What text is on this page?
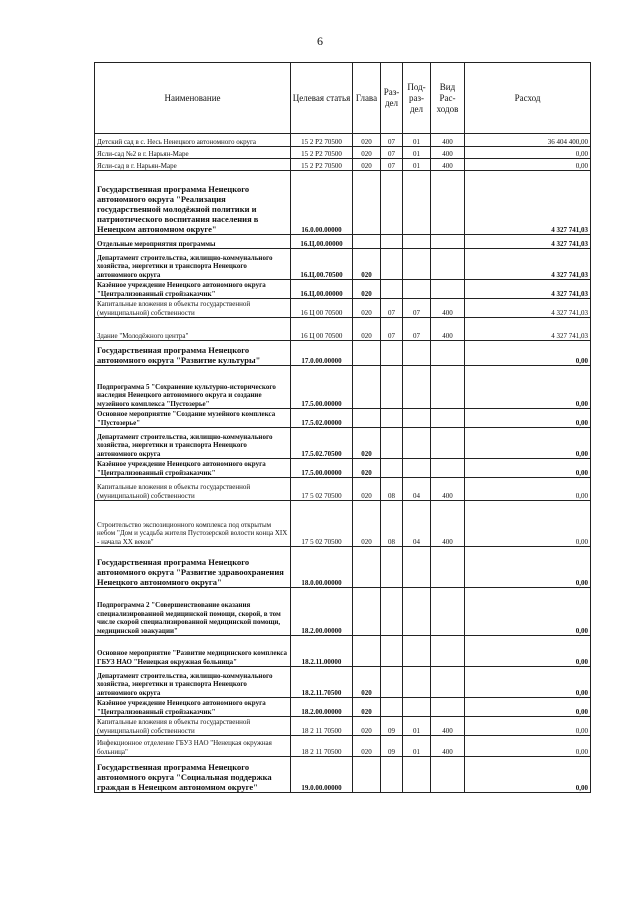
6
Наименование	Целевая статья	Глава	Раз- дел	Под- раз- дел	Вид Рас- ходов	Расход
Детский сад в с. Несь Ненецкого автономного округа	15 2 Р2 70500	020	07	01	400	36 404 400,00
Ясли-сад №2 в г. Нарьян-Маре	15 2 Р2 70500	020	07	01	400	0,00
Ясли-сад в г. Нарьян-Маре	15 2 Р2 70500	020	07	01	400	0,00
Государственная программа Ненецкого автономного округа "Реализация государственной молодёжной политики и патриотического воспитания населения в Ненецком автономном округе"	16.0.00.00000					4 327 741,03
Отдельные мероприятия программы	16.Ц.00.00000					4 327 741,03
Департамент строительства, жилищно-коммунального хозяйства, энергетики и транспорта Ненецкого автономного округа	16.Ц.00.70500	020				4 327 741,03
Казённое учреждение Ненецкого автономного округа "Централизованный стройзаказчик"	16.Ц.00.00000	020				4 327 741,03
Капитальные вложения в объекты государственной (муниципальной) собственности	16 Ц 00 70500	020	07	07	400	4 327 741,03
Здание "Молодёжного центра"	16 Ц 00 70500	020	07	07	400	4 327 741,03
Государственная программа Ненецкого автономного округа "Развитие культуры"	17.0.00.00000					0,00
Подпрограмма 5 "Сохранение культурно-исторического наследия Ненецкого автономного округа и создание музейного комплекса "Пустозерье"	17.5.00.00000					0,00
Основное мероприятие "Создание музейного комплекса "Пустозерье"	17.5.02.00000					0,00
Департамент строительства, жилищно-коммунального хозяйства, энергетики и транспорта Ненецкого автономного округа	17.5.02.70500	020				0,00
Казённое учреждение Ненецкого автономного округа "Централизованный стройзаказчик"	17.5.00.00000	020				0,00
Капитальные вложения в объекты государственной (муниципальной) собственности	17 5 02 70500	020	08	04	400	0,00
Строительство экспозиционного комплекса под открытым небом "Дом и усадьба жителя Пустозерской волости конца XIX - начала XX веков"	17 5 02 70500	020	08	04	400	0,00
Государственная программа Ненецкого автономного округа "Развитие здравоохранения Ненецкого автономного округа"	18.0.00.00000					0,00
Подпрограмма 2 "Совершенствование оказания специализированной медицинской помощи, скорой, в том числе скорой специализированной медицинской помощи, медицинской эвакуации"	18.2.00.00000					0,00
Основное мероприятие "Развитие медицинского комплекса ГБУЗ НАО "Ненецкая окружная больница"	18.2.11.00000					0,00
Департамент строительства, жилищно-коммунального хозяйства, энергетики и транспорта Ненецкого автономного округа	18.2.11.70500	020				0,00
Казённое учреждение Ненецкого автономного округа "Централизованный стройзаказчик"	18.2.00.00000	020				0,00
Капитальные вложения в объекты государственной (муниципальной) собственности	18 2 11 70500	020	09	01	400	0,00
Инфекционное отделение ГБУЗ НАО "Ненецкая окружная больница"	18 2 11 70500	020	09	01	400	0,00
Государственная программа Ненецкого автономного округа "Социальная поддержка граждан в Ненецком автономном округе"	19.0.00.00000					0,00
